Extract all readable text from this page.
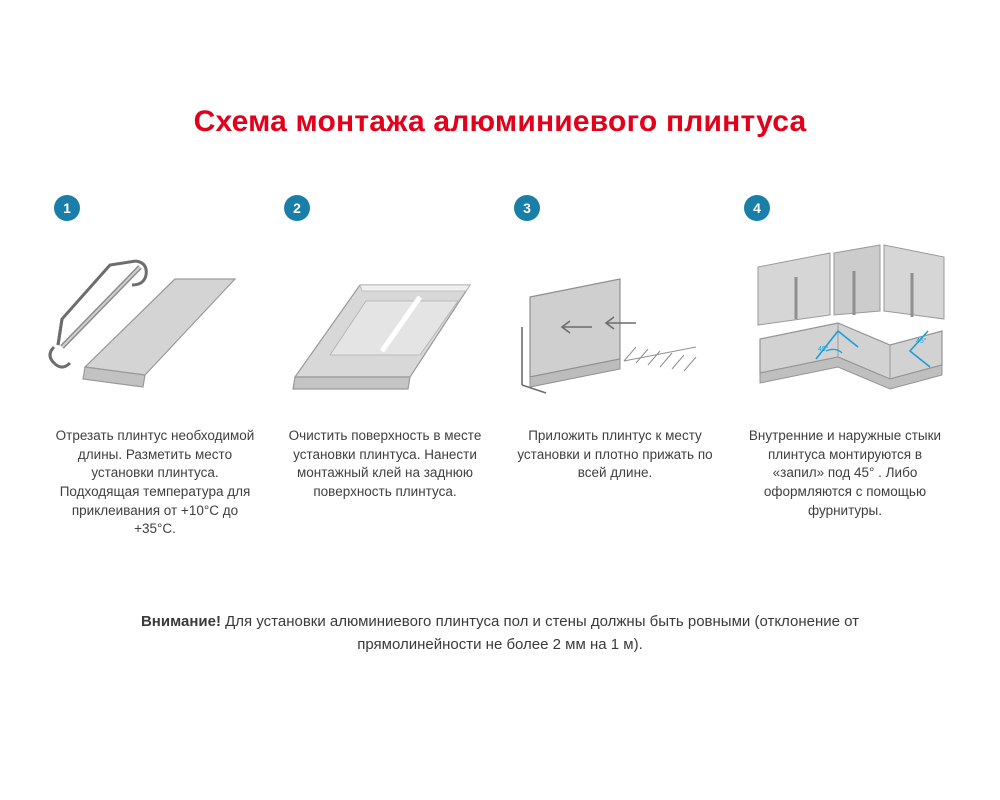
Схема монтажа алюминиевого плинтуса
1
Отрезать плинтус необходимой длины. Разметить место установки плинтуса. Подходящая температура для приклеивания от +10°С до +35°С.
2
Очистить поверхность в месте установки плинтуса. Нанести монтажный клей на заднюю поверхность плинтуса.
3
Приложить плинтус к месту установки и плотно прижать по всей длине.
4
45°
45°
Внутренние и наружные стыки плинтуса монтируются в «запил» под 45° . Либо оформляются с помощью фурнитуры.
Внимание! Для установки алюминиевого плинтуса пол и стены должны быть ровными (отклонение от прямолинейности не более 2 мм на 1 м).
